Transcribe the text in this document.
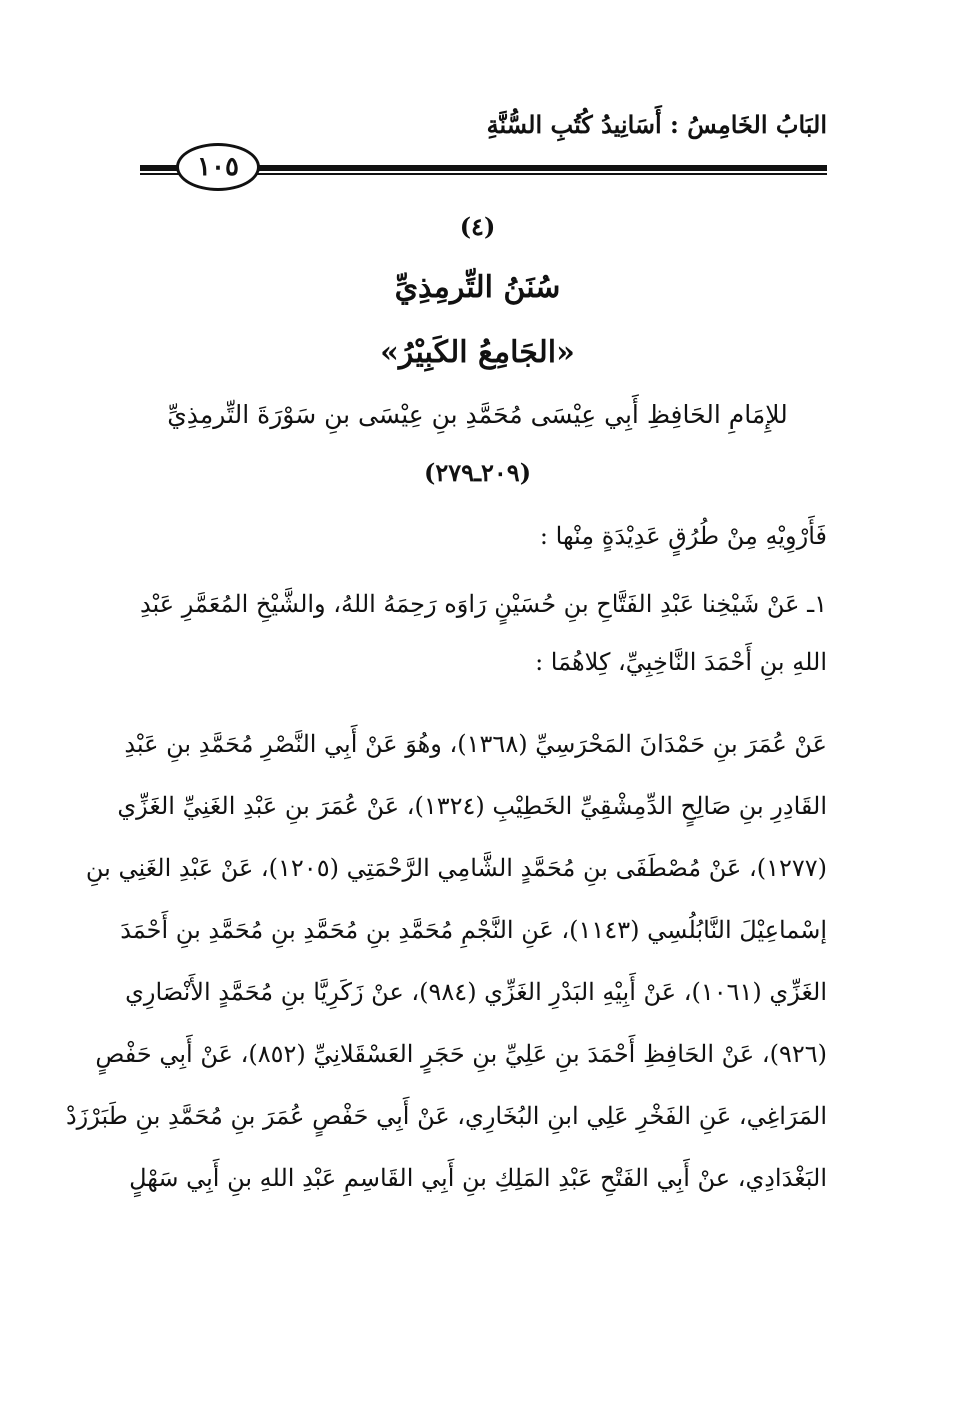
البَابُ الخَامِسُ : أَسَانِيدُ كُتُبِ السُّنَّةِ
١٠٥
(٤)
سُنَنُ التِّرمِذِيِّ
«الجَامِعُ الكَبِيْرُ»
للإِمَامِ الحَافِظِ أَبِي عِيْسَى مُحَمَّدِ بنِ عِيْسَى بنِ سَوْرَةَ التِّرمِذِيِّ
(٢٠٩ـ٢٧٩)
فَأَرْوِيْهِ مِنْ طُرُقٍ عَدِيْدَةٍ مِنْها :
١ـ عَنْ شَيْخِنا عَبْدِ الفَتَّاحِ بنِ حُسَيْنٍ رَاوَه رَحِمَهُ اللهُ، والشَّيْخِ المُعَمَّرِ عَبْدِ
اللهِ بنِ أَحْمَدَ النَّاخِبِيِّ، كِلاهُمَا :
عَنْ عُمَرَ بنِ حَمْدَانَ المَحْرَسِيِّ (١٣٦٨)، وهُوَ عَنْ أَبِي النَّصْرِ مُحَمَّدِ بنِ عَبْدِ
القَادِرِ بنِ صَالِحٍ الدِّمِشْقِيِّ الخَطِيْبِ (١٣٢٤)، عَنْ عُمَرَ بنِ عَبْدِ الغَنِيِّ الغَزِّي
(١٢٧٧)، عَنْ مُصْطَفَى بنِ مُحَمَّدٍ الشَّامِي الرَّحْمَتِي (١٢٠٥)، عَنْ عَبْدِ الغَنِي بنِ
إسْماعِيْلَ النَّابُلُسِي (١١٤٣)، عَنِ النَّجْمِ مُحَمَّدِ بنِ مُحَمَّدِ بنِ مُحَمَّدِ بنِ أَحْمَدَ
الغَزِّي (١٠٦١)، عَنْ أَبِيْهِ البَدْرِ الغَزِّي (٩٨٤)، عنْ زَكَرِيَّا بنِ مُحَمَّدٍ الأَنْصَارِي
(٩٢٦)، عَنْ الحَافِظِ أَحْمَدَ بنِ عَلِيِّ بنِ حَجَرٍ العَسْقَلانِيِّ (٨٥٢)، عَنْ أَبِي حَفْصٍ
المَرَاغِي، عَنِ الفَخْرِ عَلِي ابنِ البُخَارِي، عَنْ أَبِي حَفْصٍ عُمَرَ بنِ مُحَمَّدِ بنِ طَبَرْزَدْ
البَغْدَادِي، عنْ أَبِي الفَتْحِ عَبْدِ المَلِكِ بنِ أَبِي القَاسِمِ عَبْدِ اللهِ بنِ أَبِي سَهْلٍ
